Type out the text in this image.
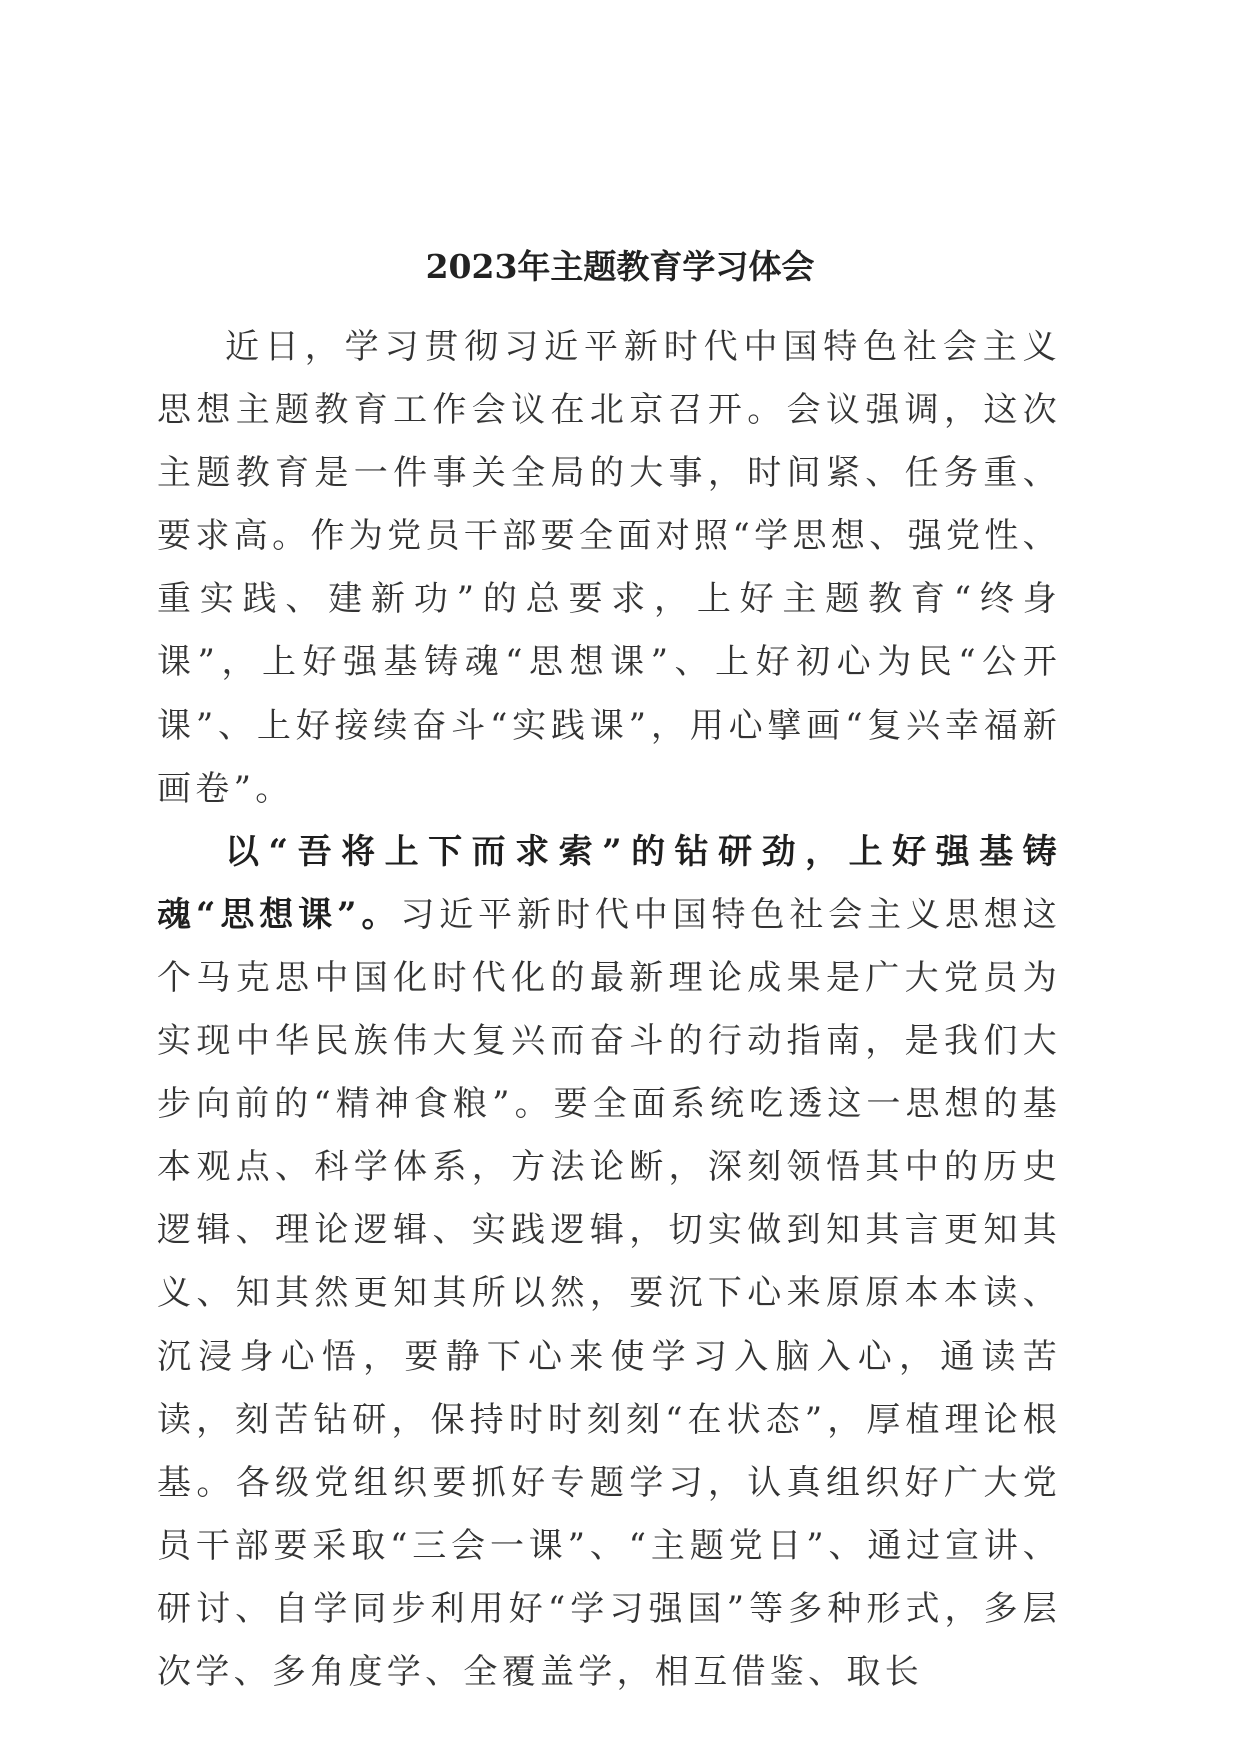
2023年主题教育学习体会

近日，学习贯彻习近平新时代中国特色社会主义思想主题教育工作会议在北京召开。会议强调，这次主题教育是一件事关全局的大事，时间紧、任务重、要求高。作为党员干部要全面对照“学思想、强党性、重实践、建新功”的总要求，上好主题教育“终身课”，上好强基铸魂“思想课”、上好初心为民“公开课”、上好接续奋斗“实践课”，用心擘画“复兴幸福新画卷”。

以“吾将上下而求索”的钻研劲，上好强基铸魂“思想课”。习近平新时代中国特色社会主义思想这个马克思中国化时代化的最新理论成果是广大党员为实现中华民族伟大复兴而奋斗的行动指南，是我们大步向前的“精神食粮”。要全面系统吃透这一思想的基本观点、科学体系，方法论断，深刻领悟其中的历史逻辑、理论逻辑、实践逻辑，切实做到知其言更知其义、知其然更知其所以然，要沉下心来原原本本读、沉浸身心悟，要静下心来使学习入脑入心，通读苦读，刻苦钻研，保持时时刻刻“在状态”，厚植理论根基。各级党组织要抓好专题学习，认真组织好广大党员干部要采取“三会一课”、“主题党日”、通过宣讲、研讨、自学同步利用好“学习强国”等多种形式，多层次学、多角度学、全覆盖学，相互借鉴、取长
